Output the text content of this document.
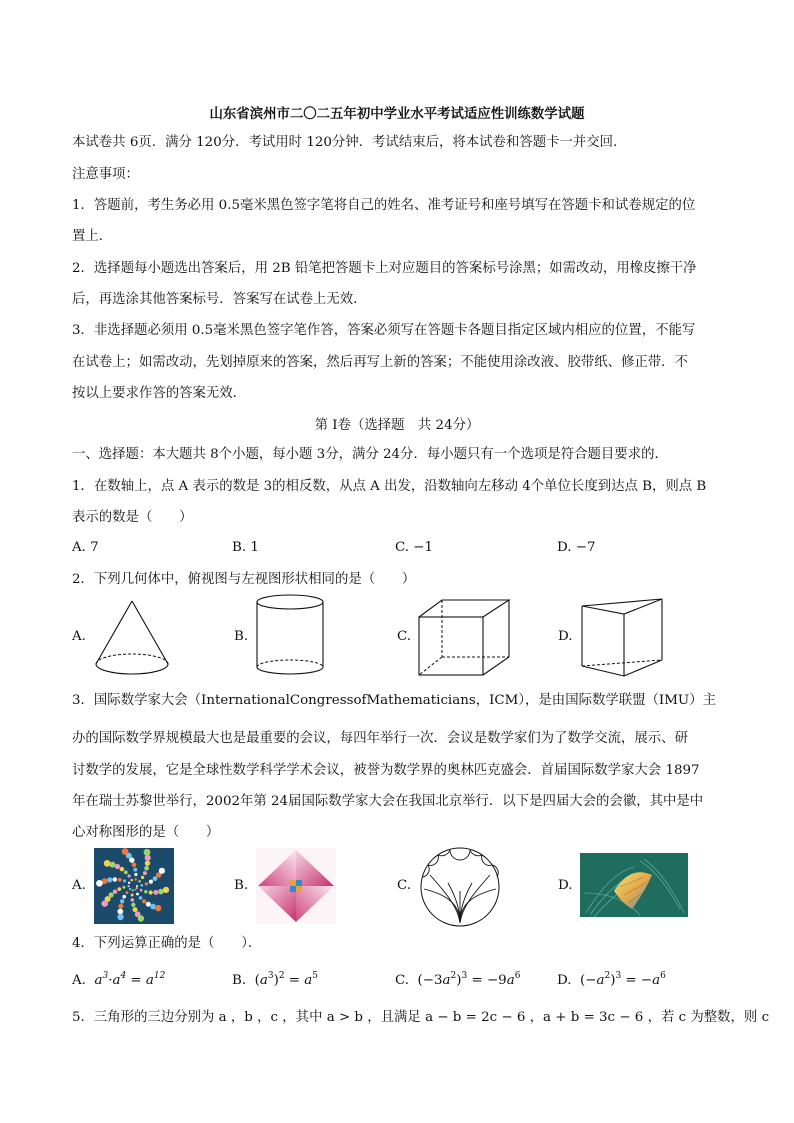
山东省滨州市二〇二五年初中学业水平考试适应性训练数学试题
本试卷共 6页．满分 120分．考试用时 120分钟．考试结束后，将本试卷和答题卡一并交回．
注意事项：
1．答题前，考生务必用 0.5毫米黑色签字笔将自己的姓名、准考证号和座号填写在答题卡和试卷规定的位
置上．
2．选择题每小题选出答案后，用 2B 铅笔把答题卡上对应题目的答案标号涂黑；如需改动，用橡皮擦干净
后，再选涂其他答案标号．答案写在试卷上无效．
3．非选择题必须用 0.5毫米黑色签字笔作答，答案必须写在答题卡各题目指定区域内相应的位置，不能写
在试卷上；如需改动，先划掉原来的答案，然后再写上新的答案；不能使用涂改液、胶带纸、修正带．不
按以上要求作答的答案无效．
第 I卷（选择题　共 24分）
一、选择题：本大题共 8个小题，每小题 3分，满分 24分．每小题只有一个选项是符合题目要求的．
1．在数轴上，点 A 表示的数是 3的相反数，从点 A 出发，沿数轴向左移动 4个单位长度到达点 B，则点 B
表示的数是（　　）
A. 7	B. 1	C. −1	D. −7
2．下列几何体中，俯视图与左视图形状相同的是（　　）
A.	B.	C.	D.
3．国际数学家大会（InternationalCongressofMathematicians，ICM），是由国际数学联盟（IMU）主
办的国际数学界规模最大也是最重要的会议，每四年举行一次．会议是数学家们为了数学交流，展示、研
讨数学的发展，它是全球性数学科学学术会议，被誉为数学界的奥林匹克盛会．首届国际数学家大会 1897
年在瑞士苏黎世举行，2002年第 24届国际数学家大会在我国北京举行．以下是四届大会的会徽，其中是中
心对称图形的是（　　）
A.	B.	C.	D.
4．下列运算正确的是（　　）．
A.  $a^3\cdot a^4 = a^{12}$	B.  $(a^3)^2 = a^5$	C.  $(-3a^2)^3 = -9a^6$	D.  $(-a^2)^3 = -a^6$
5．三角形的三边分别为 a ，b ，c ，其中 a > b ，且满足 a − b = 2c − 6 ，a + b = 3c − 6 ，若 c 为整数，则 c
